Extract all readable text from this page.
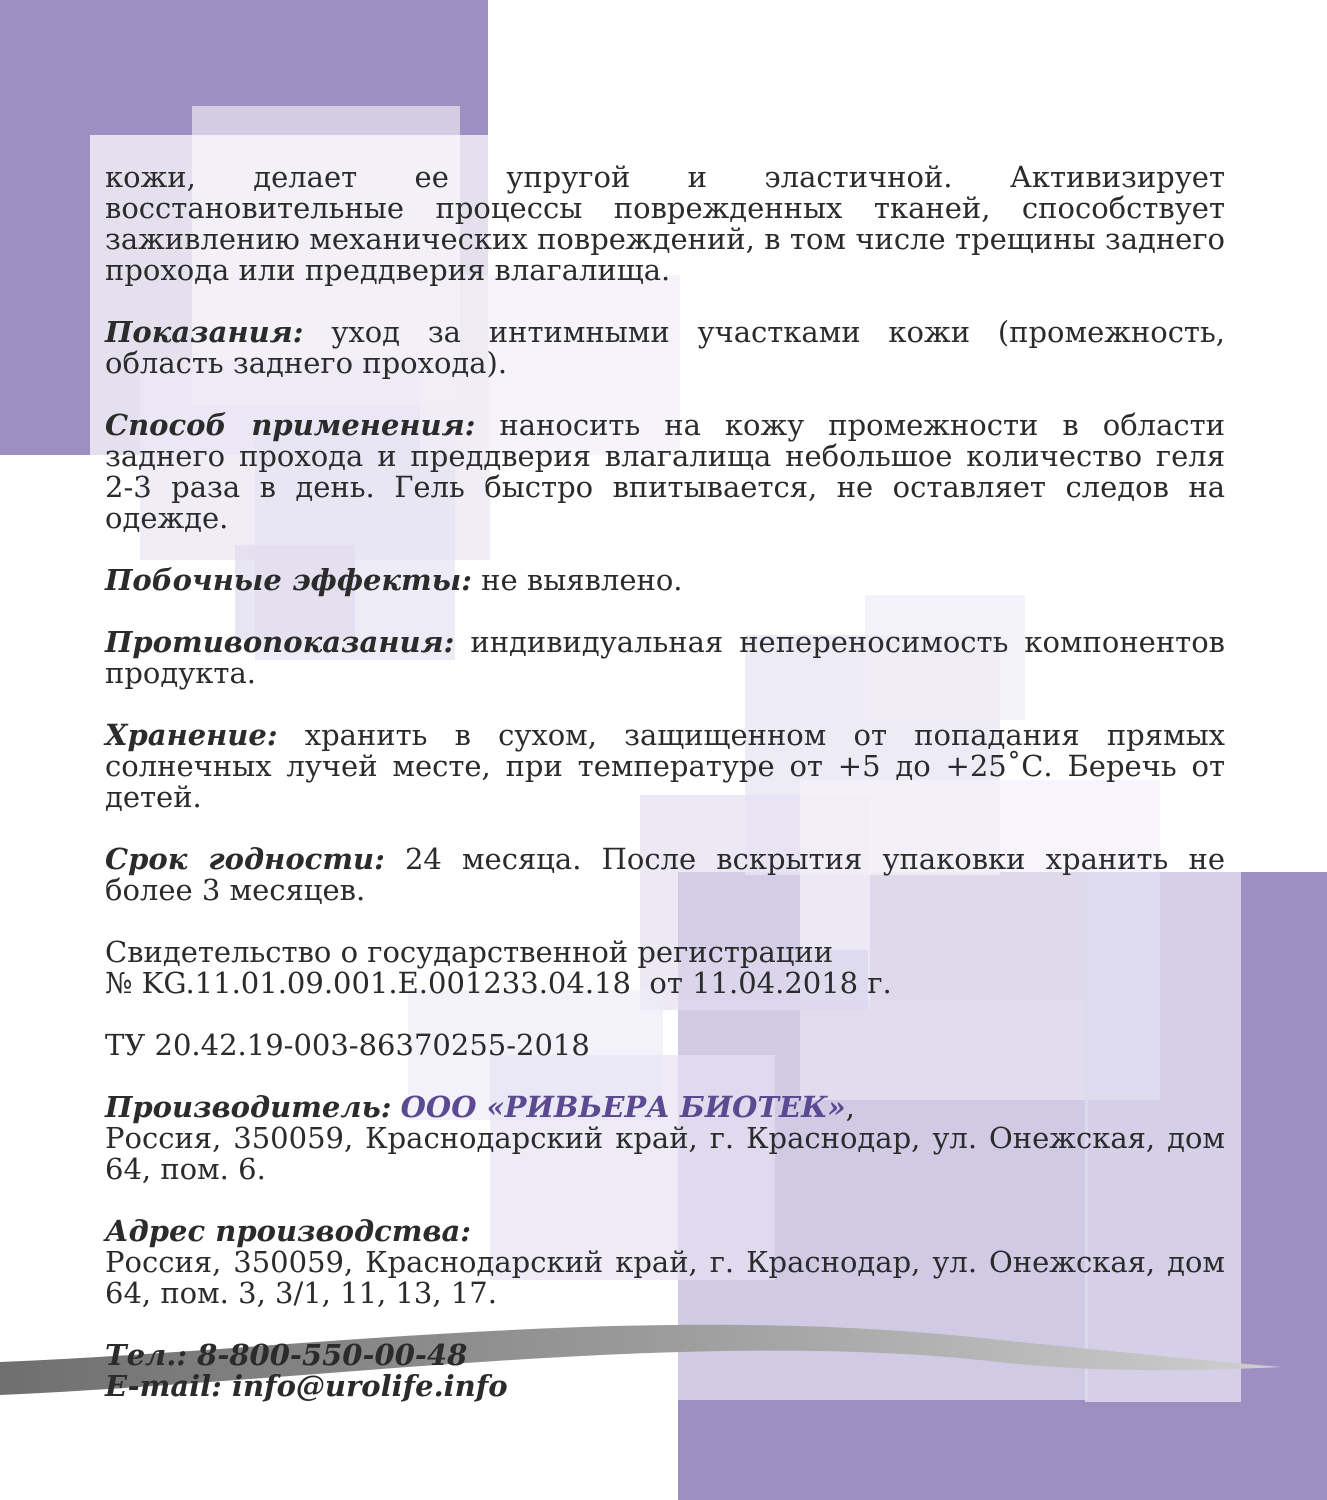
кожи, делает ее упругой и эластичной. Активизирует восстановительные процессы поврежденных тканей, способствует заживлению механических повреждений, в том числе трещины заднего прохода или преддверия влагалища.

Показания: уход за интимными участками кожи (промежность, область заднего прохода).

Способ применения: наносить на кожу промежности в области заднего прохода и преддверия влагалища небольшое количество геля 2-3 раза в день. Гель быстро впитывается, не оставляет следов на одежде.

Побочные эффекты: не выявлено.

Противопоказания: индивидуальная непереносимость компонентов продукта.

Хранение: хранить в сухом, защищенном от попадания прямых солнечных лучей месте, при температуре от +5 до +25˚С. Беречь от детей.

Срок годности: 24 месяца. После вскрытия упаковки хранить не более 3 месяцев.

Свидетельство о государственной регистрации
№ KG.11.01.09.001.Е.001233.04.18  от 11.04.2018 г.

ТУ 20.42.19-003-86370255-2018

Производитель: ООО «РИВЬЕРА БИОТЕК»,
Россия, 350059, Краснодарский край, г. Краснодар, ул. Онежская, дом 64, пом. 6.

Адрес производства:
Россия, 350059, Краснодарский край, г. Краснодар, ул. Онежская, дом 64, пом. 3, 3/1, 11, 13, 17.

Тел.: 8-800-550-00-48
E-mail: info@urolife.info
